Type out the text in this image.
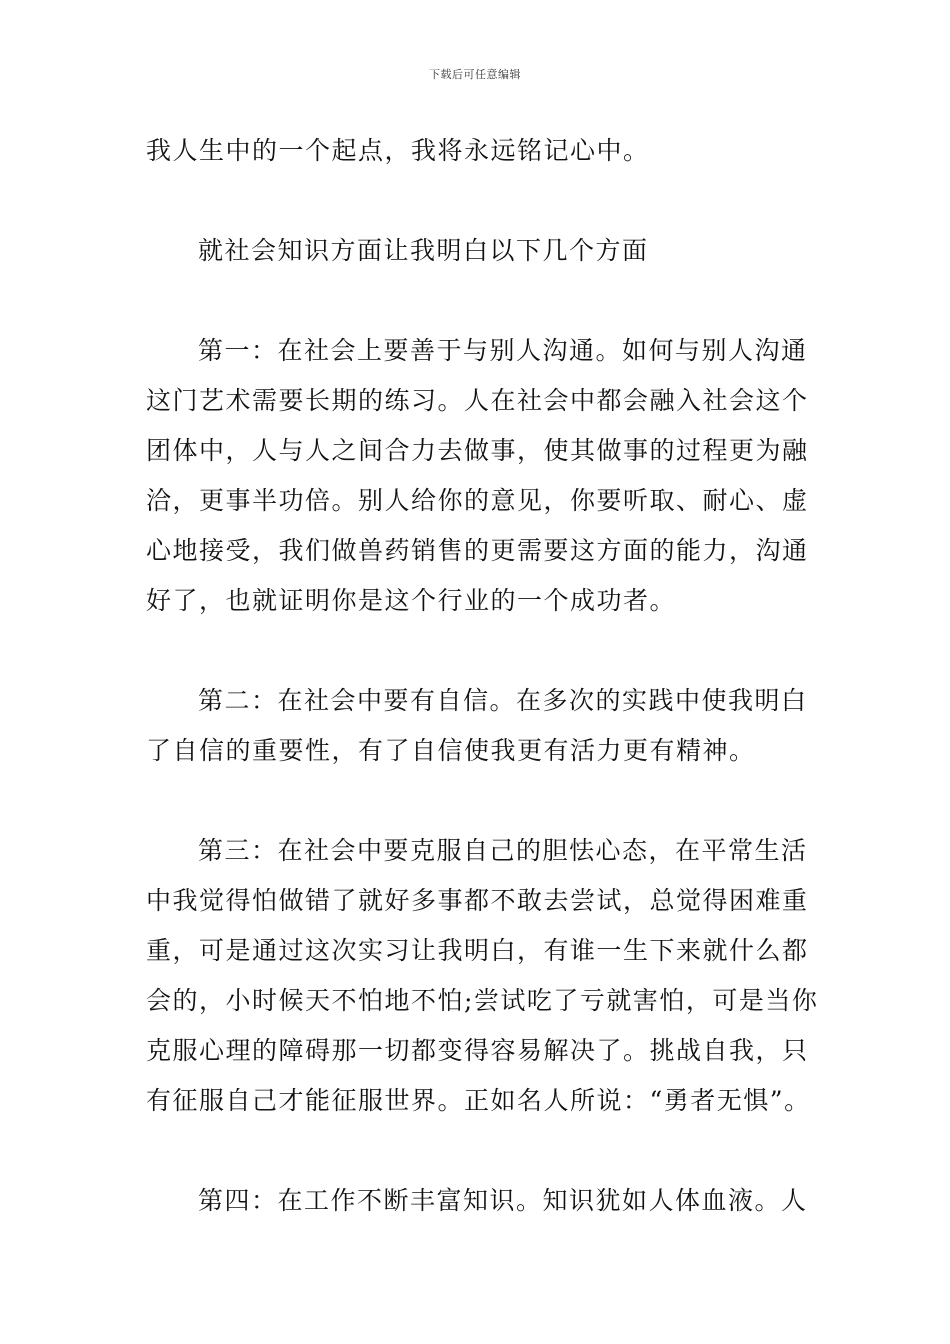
下载后可任意编辑
我人生中的一个起点，我将永远铭记心中。
就社会知识方面让我明白以下几个方面
第一：在社会上要善于与别人沟通。如何与别人沟通
这门艺术需要长期的练习。人在社会中都会融入社会这个
团体中，人与人之间合力去做事，使其做事的过程更为融
洽，更事半功倍。别人给你的意见，你要听取、耐心、虚
心地接受，我们做兽药销售的更需要这方面的能力，沟通
好了，也就证明你是这个行业的一个成功者。
第二：在社会中要有自信。在多次的实践中使我明白
了自信的重要性，有了自信使我更有活力更有精神。
第三：在社会中要克服自己的胆怯心态，在平常生活
中我觉得怕做错了就好多事都不敢去尝试，总觉得困难重
重，可是通过这次实习让我明白，有谁一生下来就什么都
会的，小时候天不怕地不怕;尝试吃了亏就害怕，可是当你
克服心理的障碍那一切都变得容易解决了。挑战自我，只
有征服自己才能征服世界。正如名人所说：“勇者无惧”。
第四：在工作不断丰富知识。知识犹如人体血液。人
